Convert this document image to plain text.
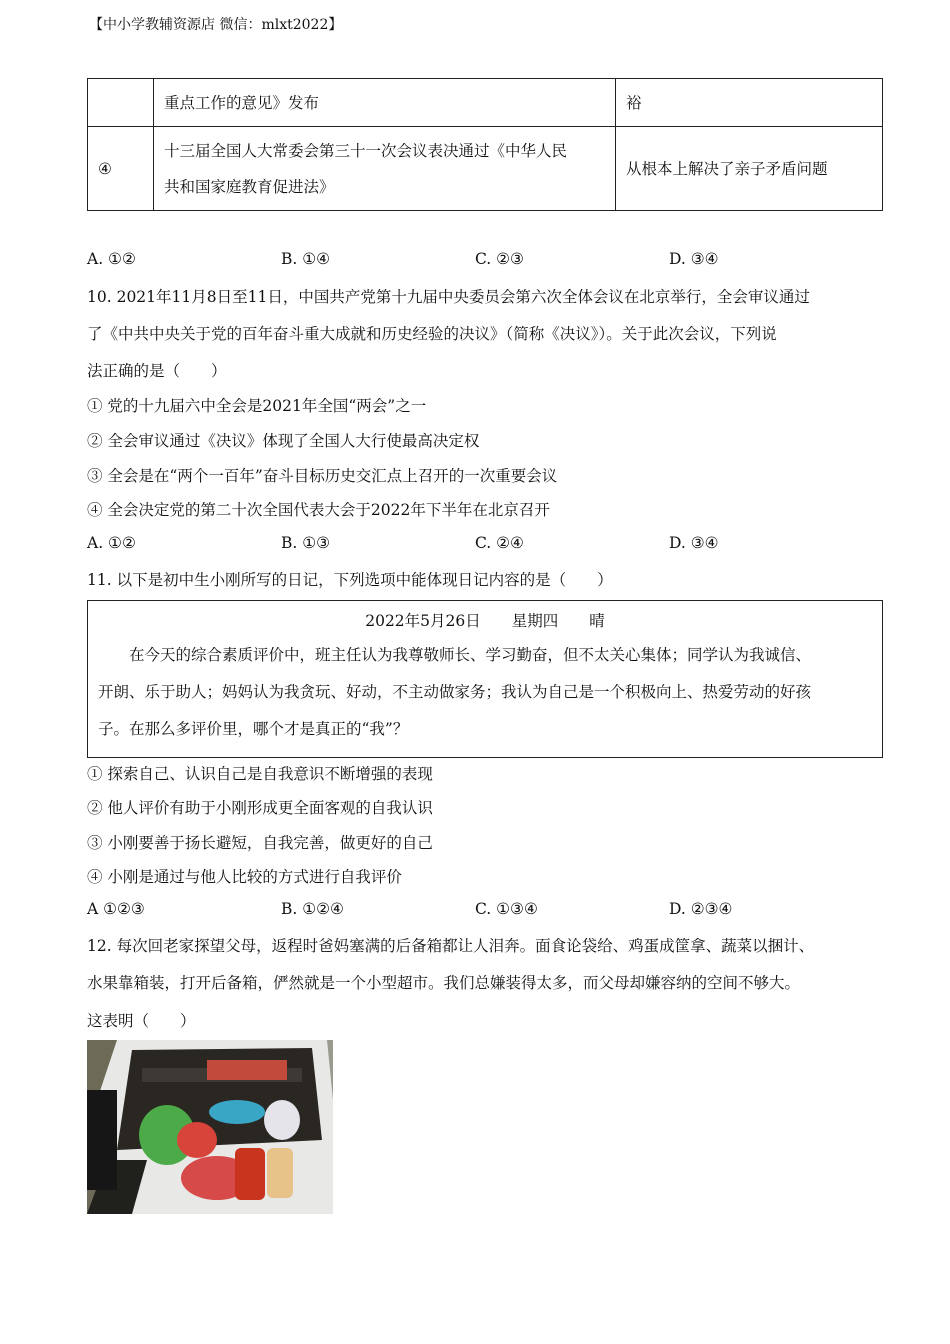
【中小学教辅资源店 微信：mlxt2022】
	重点工作的意见》发布	裕
④	十三届全国人大常委会第三十一次会议表决通过《中华人民
共和国家庭教育促进法》	从根本上解决了亲子矛盾问题
A. ①②	B. ①④	C. ②③	D. ③④
10. 2021年11月8日至11日，中国共产党第十九届中央委员会第六次全体会议在北京举行，全会审议通过
了《中共中央关于党的百年奋斗重大成就和历史经验的决议》（简称《决议》）。关于此次会议，下列说
法正确的是（　　）
① 党的十九届六中全会是2021年全国“两会”之一
② 全会审议通过《决议》体现了全国人大行使最高决定权
③ 全会是在“两个一百年”奋斗目标历史交汇点上召开的一次重要会议
④ 全会决定党的第二十次全国代表大会于2022年下半年在北京召开
A. ①②	B. ①③	C. ②④	D. ③④
11. 以下是初中生小刚所写的日记，下列选项中能体现日记内容的是（　　）
2022年5月26日　　星期四　　晴
在今天的综合素质评价中，班主任认为我尊敬师长、学习勤奋，但不太关心集体；同学认为我诚信、
开朗、乐于助人；妈妈认为我贪玩、好动，不主动做家务；我认为自己是一个积极向上、热爱劳动的好孩
子。在那么多评价里，哪个才是真正的“我”？
① 探索自己、认识自己是自我意识不断增强的表现
② 他人评价有助于小刚形成更全面客观的自我认识
③ 小刚要善于扬长避短，自我完善，做更好的自己
④ 小刚是通过与他人比较的方式进行自我评价
A ①②③	B. ①②④	C. ①③④	D. ②③④
12. 每次回老家探望父母，返程时爸妈塞满的后备箱都让人泪奔。面食论袋给、鸡蛋成筐拿、蔬菜以捆计、
水果靠箱装，打开后备箱，俨然就是一个小型超市。我们总嫌装得太多，而父母却嫌容纳的空间不够大。
这表明（　　）
